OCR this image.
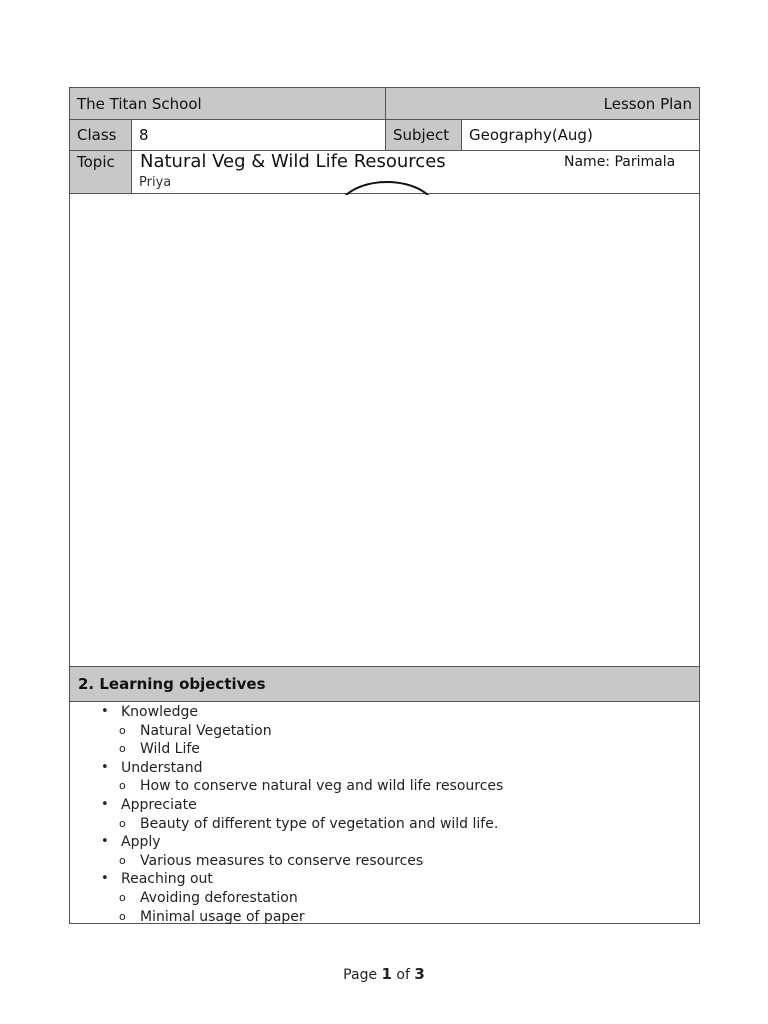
The Titan School	Lesson Plan
Class	8	Subject	Geography(Aug)
Topic	Natural Veg & Wild Life Resources	Name: Parimala
Priya
2. Learning objectives
• Knowledge
o Natural Vegetation
o Wild Life
• Understand
o How to conserve natural veg and wild life resources
• Appreciate
o Beauty of different type of vegetation and wild life.
• Apply
o Various measures to conserve resources
• Reaching out
o Avoiding deforestation
o Minimal usage of paper
Page 1 of 3
